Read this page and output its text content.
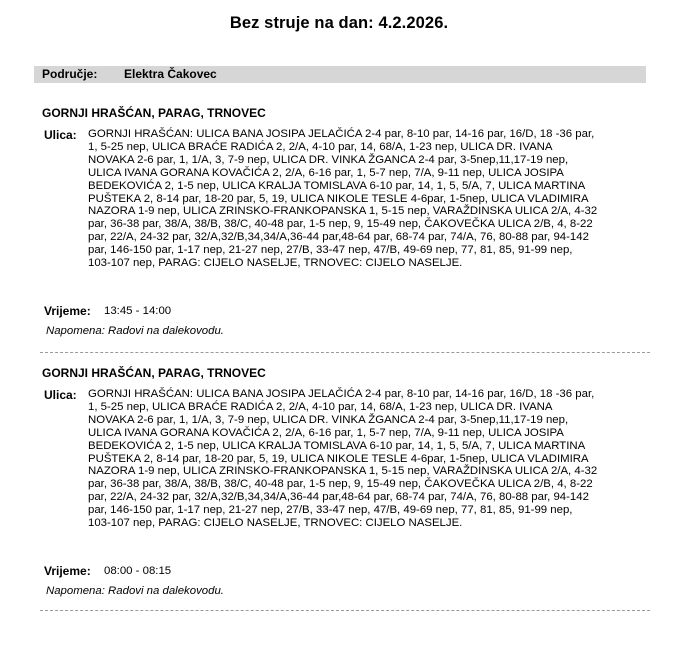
Bez struje na dan: 4.2.2026.
Područje: Elektra Čakovec
GORNJI HRAŠĆAN, PARAG, TRNOVEC
Ulica: GORNJI HRAŠĆAN: ULICA BANA JOSIPA JELAČIĆA 2-4 par, 8-10 par, 14-16 par, 16/D, 18 -36 par, 1, 5-25 nep, ULICA BRAĆE RADIĆA 2, 2/A, 4-10 par, 14, 68/A, 1-23 nep, ULICA DR. IVANA NOVAKA 2-6 par, 1, 1/A, 3, 7-9 nep, ULICA DR. VINKA ŽGANCA 2-4 par, 3-5nep,11,17-19 nep, ULICA IVANA GORANA KOVAČIĆA 2, 2/A, 6-16 par, 1, 5-7 nep, 7/A, 9-11 nep, ULICA JOSIPA BEDEKOVIĆA 2, 1-5 nep, ULICA KRALJA TOMISLAVA 6-10 par, 14, 1, 5, 5/A, 7, ULICA MARTINA PUŠTEKA 2, 8-14 par, 18-20 par, 5, 19, ULICA NIKOLE TESLE 4-6par, 1-5nep, ULICA VLADIMIRA NAZORA 1-9 nep, ULICA ZRINSKO-FRANKOPANSKA 1, 5-15 nep, VARAŽDINSKA ULICA 2/A, 4-32 par, 36-38 par, 38/A, 38/B, 38/C, 40-48 par, 1-5 nep, 9, 15-49 nep, ČAKOVEČKA ULICA 2/B, 4, 8-22 par, 22/A, 24-32 par, 32/A,32/B,34,34/A,36-44 par,48-64 par, 68-74 par, 74/A, 76, 80-88 par, 94-142 par, 146-150 par, 1-17 nep, 21-27 nep, 27/B, 33-47 nep, 47/B, 49-69 nep, 77, 81, 85, 91-99 nep, 103-107 nep, PARAG: CIJELO NASELJE, TRNOVEC: CIJELO NASELJE.
Vrijeme: 13:45 - 14:00
Napomena: Radovi na dalekovodu.
GORNJI HRAŠĆAN, PARAG, TRNOVEC
Ulica: GORNJI HRAŠĆAN: ULICA BANA JOSIPA JELAČIĆA 2-4 par, 8-10 par, 14-16 par, 16/D, 18 -36 par, 1, 5-25 nep, ULICA BRAĆE RADIĆA 2, 2/A, 4-10 par, 14, 68/A, 1-23 nep, ULICA DR. IVANA NOVAKA 2-6 par, 1, 1/A, 3, 7-9 nep, ULICA DR. VINKA ŽGANCA 2-4 par, 3-5nep,11,17-19 nep, ULICA IVANA GORANA KOVAČIĆA 2, 2/A, 6-16 par, 1, 5-7 nep, 7/A, 9-11 nep, ULICA JOSIPA BEDEKOVIĆA 2, 1-5 nep, ULICA KRALJA TOMISLAVA 6-10 par, 14, 1, 5, 5/A, 7, ULICA MARTINA PUŠTEKA 2, 8-14 par, 18-20 par, 5, 19, ULICA NIKOLE TESLE 4-6par, 1-5nep, ULICA VLADIMIRA NAZORA 1-9 nep, ULICA ZRINSKO-FRANKOPANSKA 1, 5-15 nep, VARAŽDINSKA ULICA 2/A, 4-32 par, 36-38 par, 38/A, 38/B, 38/C, 40-48 par, 1-5 nep, 9, 15-49 nep, ČAKOVEČKA ULICA 2/B, 4, 8-22 par, 22/A, 24-32 par, 32/A,32/B,34,34/A,36-44 par,48-64 par, 68-74 par, 74/A, 76, 80-88 par, 94-142 par, 146-150 par, 1-17 nep, 21-27 nep, 27/B, 33-47 nep, 47/B, 49-69 nep, 77, 81, 85, 91-99 nep, 103-107 nep, PARAG: CIJELO NASELJE, TRNOVEC: CIJELO NASELJE.
Vrijeme: 08:00 - 08:15
Napomena: Radovi na dalekovodu.
